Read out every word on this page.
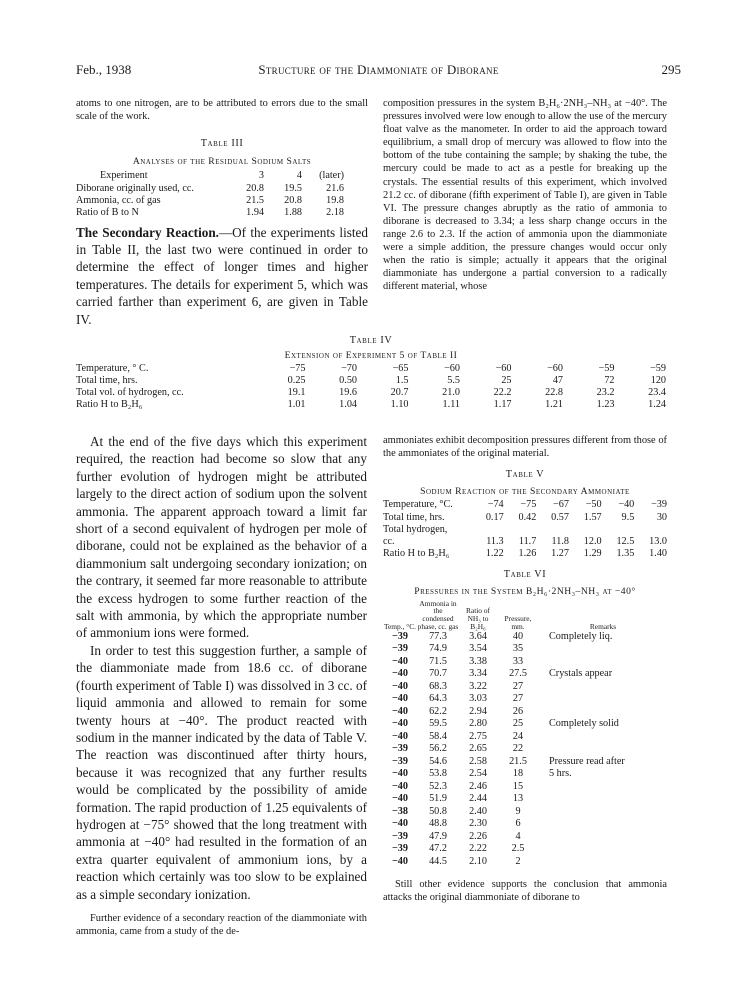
Feb., 1938	Structure of the Diammoniate of Diborane	295

atoms to one nitrogen, are to be attributed to errors due to the small scale of the work.

Table III

Analyses of the Residual Sodium Salts

Experiment	3	4	(later)
Diborane originally used, cc.	20.8	19.5	21.6
Ammonia, cc. of gas	21.5	20.8	19.8
Ratio of B to N	1.94	1.88	2.18

The Secondary Reaction.—Of the experiments listed in Table II, the last two were continued in order to determine the effect of longer times and higher temperatures. The details for experiment 5, which was carried farther than experiment 6, are given in Table IV.

composition pressures in the system B₂H₆·2NH₃–NH₃ at −40°. The pressures involved were low enough to allow the use of the mercury float valve as the manometer. In order to aid the approach toward equilibrium, a small drop of mercury was allowed to flow into the bottom of the tube containing the sample; by shaking the tube, the mercury could be made to act as a pestle for breaking up the crystals. The essential results of this experiment, which involved 21.2 cc. of diborane (fifth experiment of Table I), are given in Table VI. The pressure changes abruptly as the ratio of ammonia to diborane is decreased to 3.34; a less sharp change occurs in the range 2.6 to 2.3. If the action of ammonia upon the diammoniate were a simple addition, the pressure changes would occur only when the ratio is simple; actually it appears that the original diammoniate has undergone a partial conversion to a radically different material, whose

Table IV

Extension of Experiment 5 of Table II

Temperature, ° C.	−75	−70	−65	−60	−60	−60	−59	−59
Total time, hrs.	0.25	0.50	1.5	5.5	25	47	72	120
Total vol. of hydrogen, cc.	19.1	19.6	20.7	21.0	22.2	22.8	23.2	23.4
Ratio H to B₂H₆	1.01	1.04	1.10	1.11	1.17	1.21	1.23	1.24

At the end of the five days which this experiment required, the reaction had become so slow that any further evolution of hydrogen might be attributed largely to the direct action of sodium upon the solvent ammonia. The apparent approach toward a limit far short of a second equivalent of hydrogen per mole of diborane, could not be explained as the behavior of a diammonium salt undergoing secondary ionization; on the contrary, it seemed far more reasonable to attribute the excess hydrogen to some further reaction of the salt with ammonia, by which the appropriate number of ammonium ions were formed.

In order to test this suggestion further, a sample of the diammoniate made from 18.6 cc. of diborane (fourth experiment of Table I) was dissolved in 3 cc. of liquid ammonia and allowed to remain for some twenty hours at −40°. The product reacted with sodium in the manner indicated by the data of Table V. The reaction was discontinued after thirty hours, because it was recognized that any further results would be complicated by the possibility of amide formation. The rapid production of 1.25 equivalents of hydrogen at −75° showed that the long treatment with ammonia at −40° had resulted in the formation of an extra quarter equivalent of ammonium ions, by a reaction which certainly was too slow to be explained as a simple secondary ionization.

Further evidence of a secondary reaction of the diammoniate with ammonia, came from a study of the de-

ammoniates exhibit decomposition pressures different from those of the ammoniates of the original material.

Table V

Sodium Reaction of the Secondary Ammoniate

Temperature, °C.	−74	−75	−67	−50	−40	−39
Total time, hrs.	0.17	0.42	0.57	1.57	9.5	30
Total hydrogen,						
cc.	11.3	11.7	11.8	12.0	12.5	13.0
Ratio H to B₂H₆	1.22	1.26	1.27	1.29	1.35	1.40

Table VI

Pressures in the System B₂H₆·2NH₃–NH₃ at −40°

Temp., °C.	Ammonia in the condensed phase, cc. gas	Ratio of NH₃ to B₂H₆	Pressure, mm.	Remarks
−39	77.3	3.64	40	Completely liq.
−39	74.9	3.54	35	
−40	71.5	3.38	33	
−40	70.7	3.34	27.5	Crystals appear
−40	68.3	3.22	27	
−40	64.3	3.03	27	
−40	62.2	2.94	26	
−40	59.5	2.80	25	Completely solid
−40	58.4	2.75	24	
−39	56.2	2.65	22	
−39	54.6	2.58	21.5	Pressure read after
−40	53.8	2.54	18	5 hrs.
−40	52.3	2.46	15	
−40	51.9	2.44	13	
−38	50.8	2.40	9	
−40	48.8	2.30	6	
−39	47.9	2.26	4	
−39	47.2	2.22	2.5	
−40	44.5	2.10	2	

Still other evidence supports the conclusion that ammonia attacks the original diammoniate of diborane to
